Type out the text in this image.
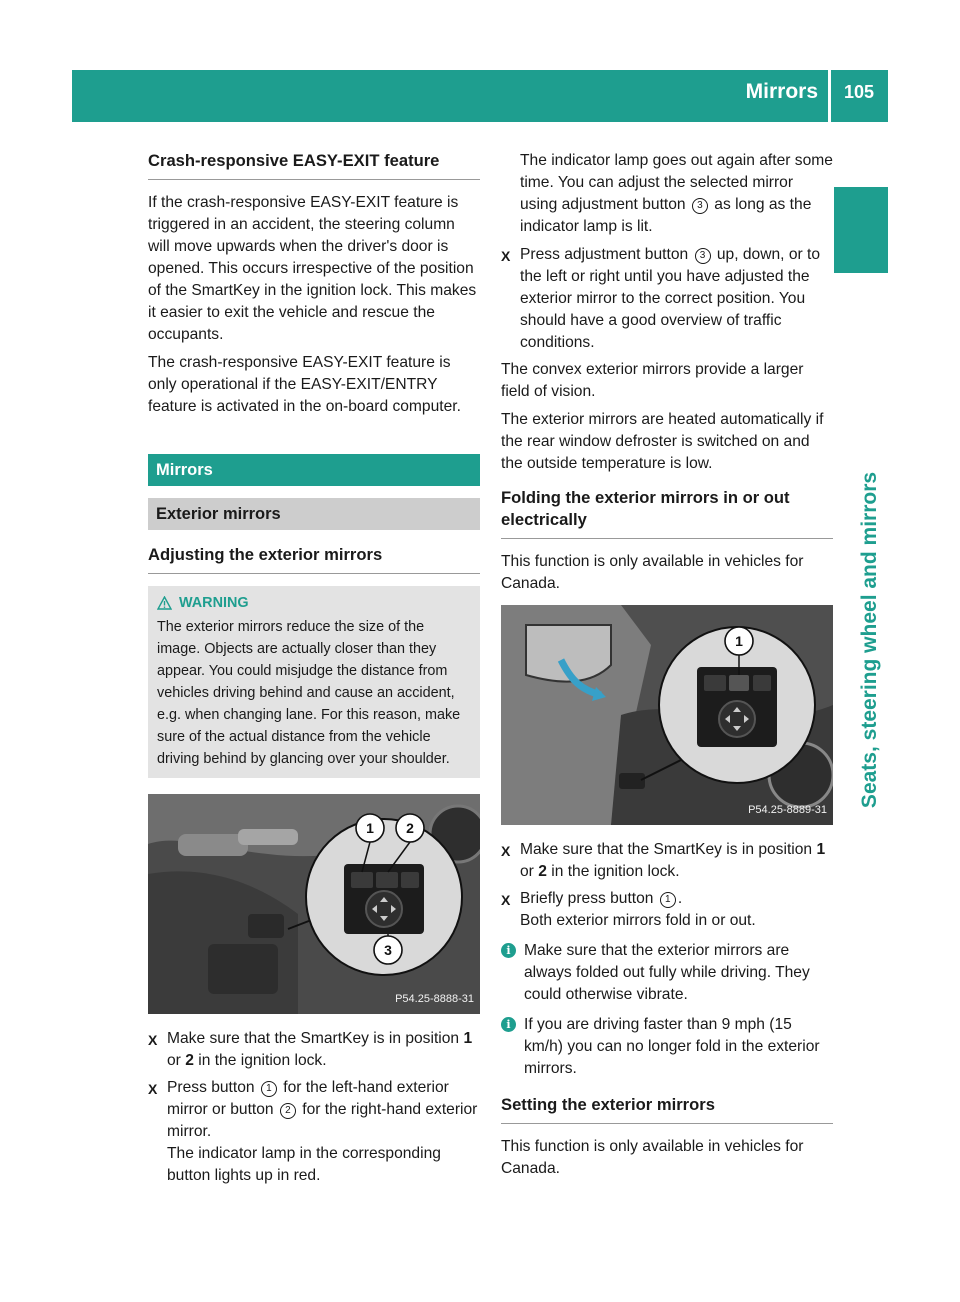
Mirrors 105
Seats, steering wheel and mirrors
Crash-responsive EASY-EXIT feature

If the crash-responsive EASY-EXIT feature is triggered in an accident, the steering column will move upwards when the driver's door is opened. This occurs irrespective of the position of the SmartKey in the ignition lock. This makes it easier to exit the vehicle and rescue the occupants.

The crash-responsive EASY-EXIT feature is only operational if the EASY-EXIT/ENTRY feature is activated in the on-board computer.

Mirrors
Exterior mirrors
Adjusting the exterior mirrors
WARNING
The exterior mirrors reduce the size of the image. Objects are actually closer than they appear. You could misjudge the distance from vehicles driving behind and cause an accident, e.g. when changing lane. For this reason, make sure of the actual distance from the vehicle driving behind by glancing over your shoulder.
1 2
3
P54.25-8888-31
X Make sure that the SmartKey is in position 1 or 2 in the ignition lock.
X Press button 1 for the left-hand exterior mirror or button 2 for the right-hand exterior mirror.
The indicator lamp in the corresponding button lights up in red.
The indicator lamp goes out again after some time. You can adjust the selected mirror using adjustment button 3 as long as the indicator lamp is lit.
X Press adjustment button 3 up, down, or to the left or right until you have adjusted the exterior mirror to the correct position. You should have a good overview of traffic conditions.

The convex exterior mirrors provide a larger field of vision.

The exterior mirrors are heated automatically if the rear window defroster is switched on and the outside temperature is low.

Folding the exterior mirrors in or out electrically

This function is only available in vehicles for Canada.

1
P54.25-8889-31
X Make sure that the SmartKey is in position 1 or 2 in the ignition lock.
X Briefly press button 1 .
Both exterior mirrors fold in or out.
i Make sure that the exterior mirrors are always folded out fully while driving. They could otherwise vibrate.
i If you are driving faster than 9 mph (15 km/h) you can no longer fold in the exterior mirrors.
Setting the exterior mirrors

This function is only available in vehicles for Canada.
